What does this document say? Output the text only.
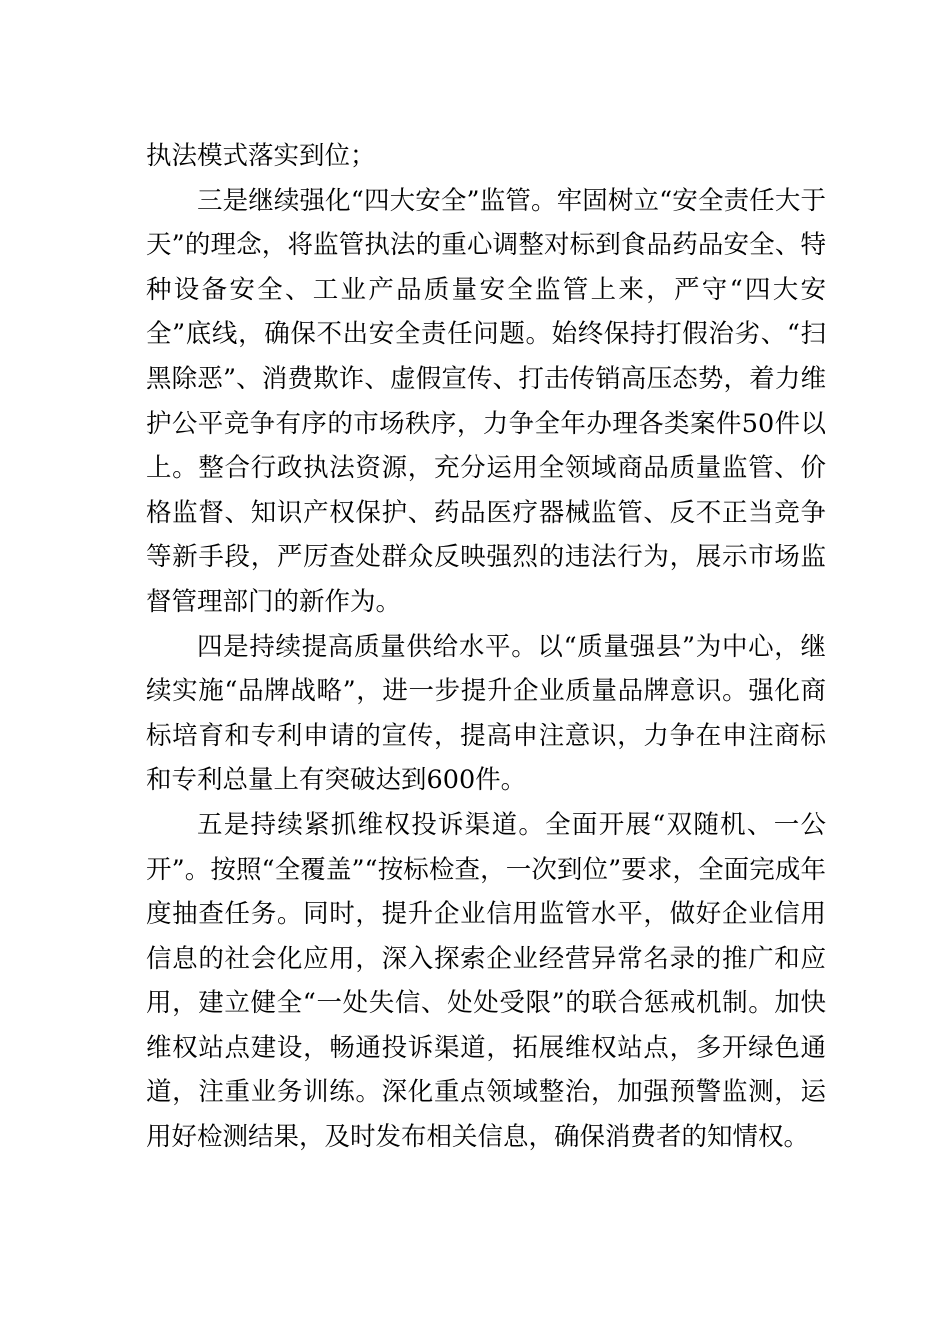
执法模式落实到位；

三是继续强化“四大安全”监管。牢固树立“安全责任大于天”的理念，将监管执法的重心调整对标到食品药品安全、特种设备安全、工业产品质量安全监管上来，严守“四大安全”底线，确保不出安全责任问题。始终保持打假治劣、“扫黑除恶”、消费欺诈、虚假宣传、打击传销高压态势，着力维护公平竞争有序的市场秩序，力争全年办理各类案件50件以上。整合行政执法资源，充分运用全领域商品质量监管、价格监督、知识产权保护、药品医疗器械监管、反不正当竞争等新手段，严厉查处群众反映强烈的违法行为，展示市场监督管理部门的新作为。

四是持续提高质量供给水平。以“质量强县”为中心，继续实施“品牌战略”，进一步提升企业质量品牌意识。强化商标培育和专利申请的宣传，提高申注意识，力争在申注商标和专利总量上有突破达到600件。

五是持续紧抓维权投诉渠道。全面开展“双随机、一公开”。按照“全覆盖”“按标检查，一次到位”要求，全面完成年度抽查任务。同时，提升企业信用监管水平，做好企业信用信息的社会化应用，深入探索企业经营异常名录的推广和应用，建立健全“一处失信、处处受限”的联合惩戒机制。加快维权站点建设，畅通投诉渠道，拓展维权站点，多开绿色通道，注重业务训练。深化重点领域整治，加强预警监测，运用好检测结果，及时发布相关信息，确保消费者的知情权。
